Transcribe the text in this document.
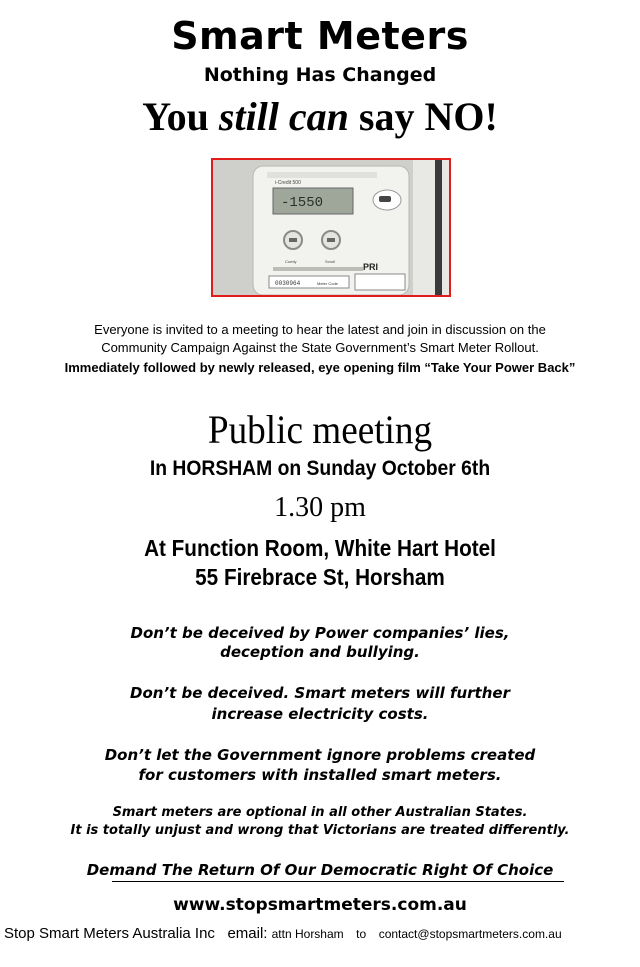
Smart Meters
Nothing Has Changed
You still can say NO!
i-Credit 500
-1550
Comfy	Scroll
PRI
0030964	Meter Code
Everyone is invited to a meeting to hear the latest and join in discussion on the
Community Campaign Against the State Government’s Smart Meter Rollout.
Immediately followed by newly released, eye opening film “Take Your Power Back”
Public meeting
In HORSHAM on Sunday October 6th
1.30 pm
At Function Room, White Hart Hotel
55 Firebrace St, Horsham
Don’t be deceived by Power companies’ lies,
deception and bullying.
Don’t be deceived. Smart meters will further
increase electricity costs.
Don’t let the Government ignore problems created
for customers with installed smart meters.
Smart meters are optional in all other Australian States.
It is totally unjust and wrong that Victorians are treated differently.
Demand The Return Of Our Democratic Right Of Choice
www.stopsmartmeters.com.au
Stop Smart Meters Australia Inc email: attn Horsham to contact@stopsmartmeters.com.au
